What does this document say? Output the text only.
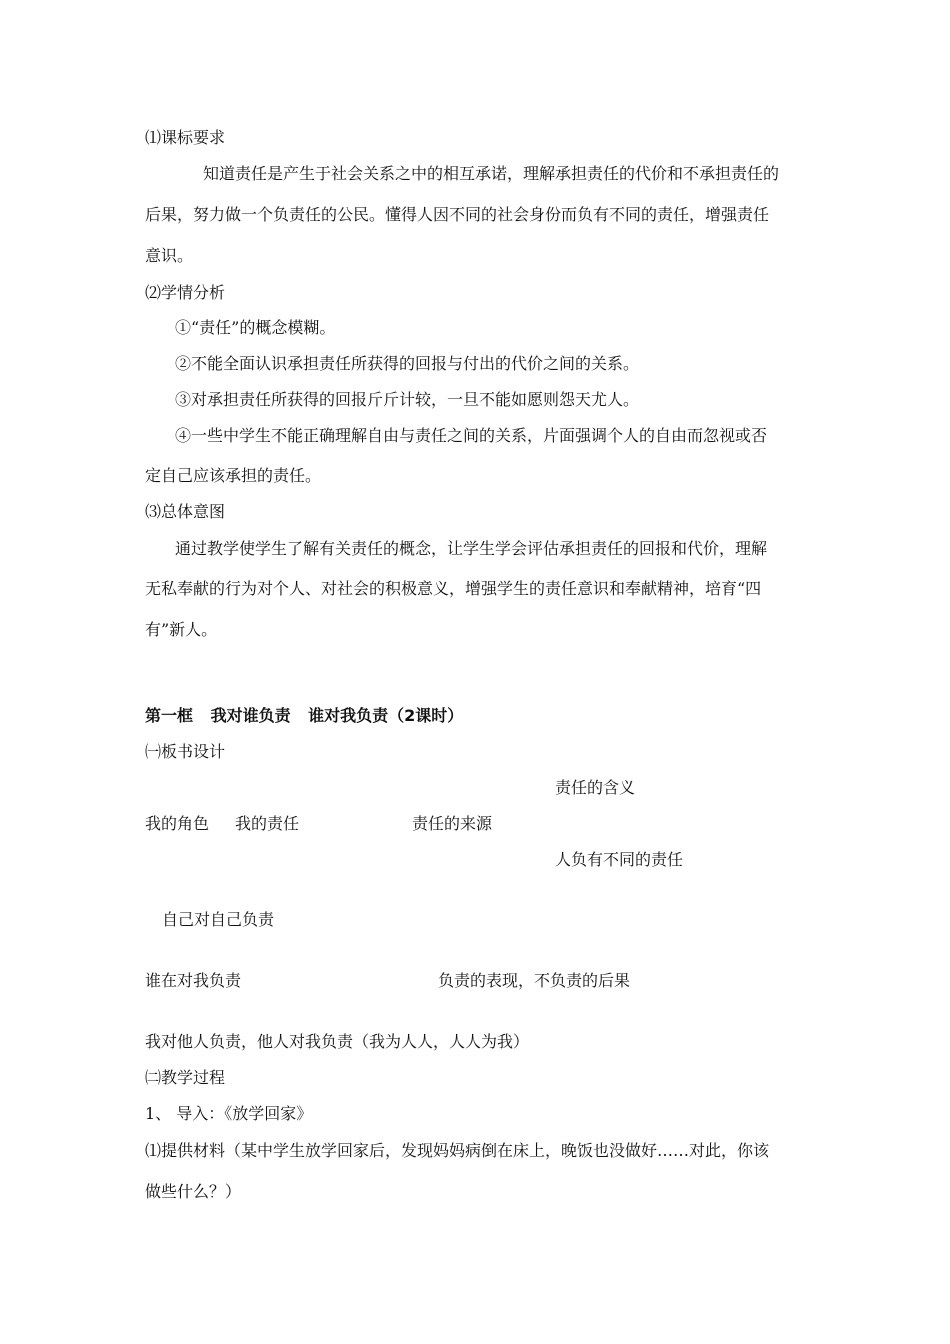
⑴课标要求
知道责任是产生于社会关系之中的相互承诺，理解承担责任的代价和不承担责任的
后果，努力做一个负责任的公民。懂得人因不同的社会身份而负有不同的责任，增强责任
意识。
⑵学情分析
①“责任”的概念模糊。
②不能全面认识承担责任所获得的回报与付出的代价之间的关系。
③对承担责任所获得的回报斤斤计较，一旦不能如愿则怨天尤人。
④一些中学生不能正确理解自由与责任之间的关系，片面强调个人的自由而忽视或否
定自己应该承担的责任。
⑶总体意图
通过教学使学生了解有关责任的概念，让学生学会评估承担责任的回报和代价，理解
无私奉献的行为对个人、对社会的积极意义，增强学生的责任意识和奉献精神，培育“四
有”新人。
第一框 我对谁负责 谁对我负责（2课时）
㈠板书设计
责任的含义
我的角色 我的责任	责任的来源
人负有不同的责任
自己对自己负责
谁在对我负责	负责的表现，不负责的后果
我对他人负责，他人对我负责（我为人人，人人为我）
㈡教学过程
1、 导入：《放学回家》
⑴提供材料（某中学生放学回家后，发现妈妈病倒在床上，晚饭也没做好……对此，你该
做些什么？）
